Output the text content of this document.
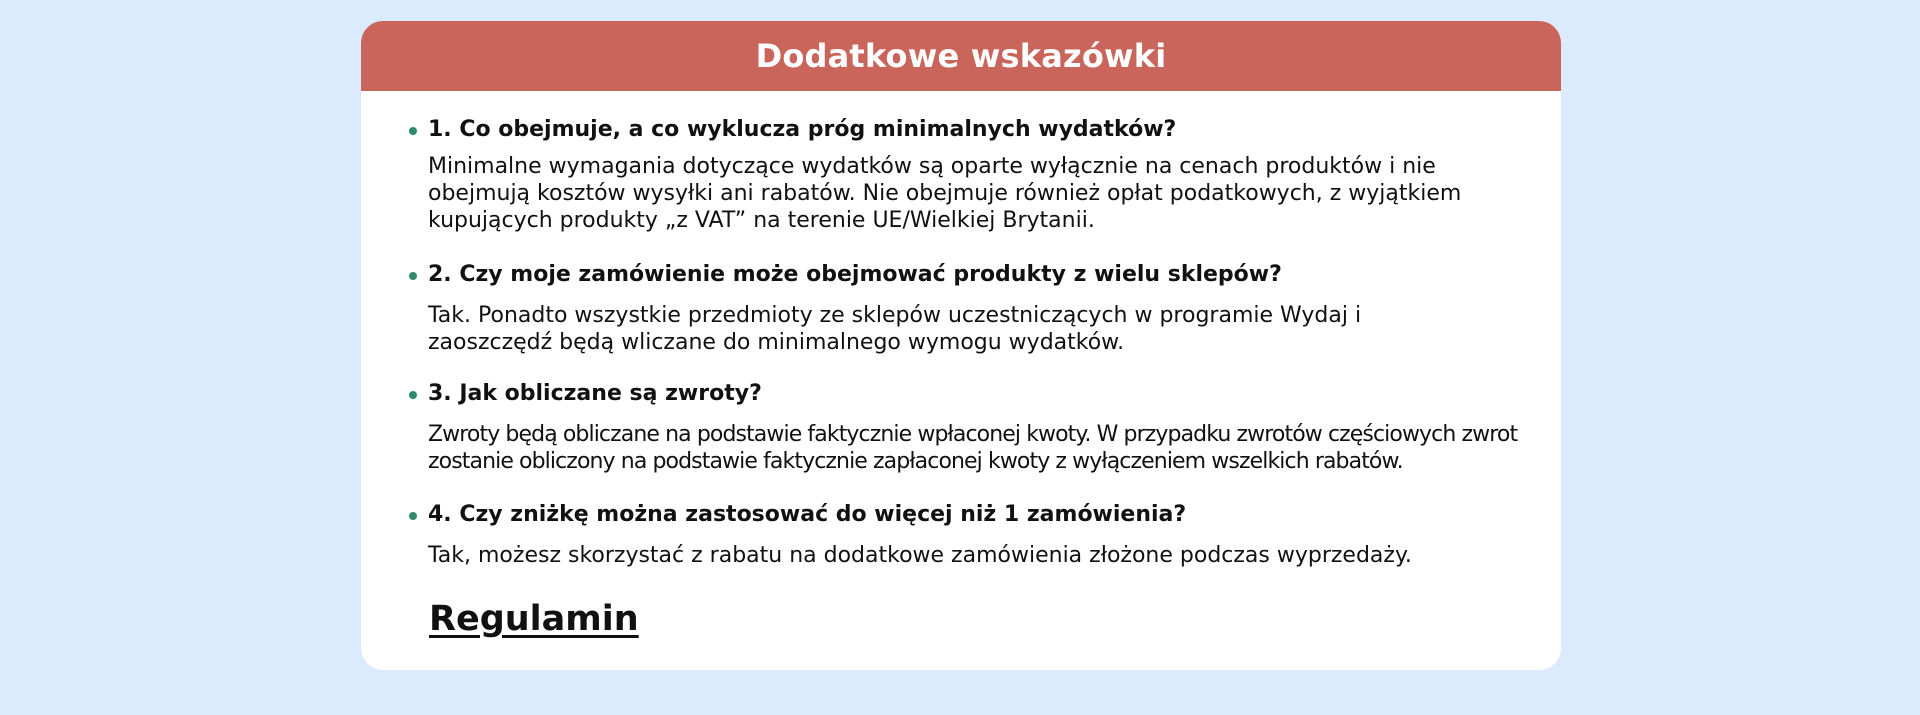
Dodatkowe wskazówki
1. Co obejmuje, a co wyklucza próg minimalnych wydatków?
Minimalne wymagania dotyczące wydatków są oparte wyłącznie na cenach produktów i nie
obejmują kosztów wysyłki ani rabatów. Nie obejmuje również opłat podatkowych, z wyjątkiem
kupujących produkty „z VAT” na terenie UE/Wielkiej Brytanii.
2. Czy moje zamówienie może obejmować produkty z wielu sklepów?
Tak. Ponadto wszystkie przedmioty ze sklepów uczestniczących w programie Wydaj i
zaoszczędź będą wliczane do minimalnego wymogu wydatków.
3. Jak obliczane są zwroty?
Zwroty będą obliczane na podstawie faktycznie wpłaconej kwoty. W przypadku zwrotów częściowych zwrot
zostanie obliczony na podstawie faktycznie zapłaconej kwoty z wyłączeniem wszelkich rabatów.
4. Czy zniżkę można zastosować do więcej niż 1 zamówienia?
Tak, możesz skorzystać z rabatu na dodatkowe zamówienia złożone podczas wyprzedaży.
Regulamin
